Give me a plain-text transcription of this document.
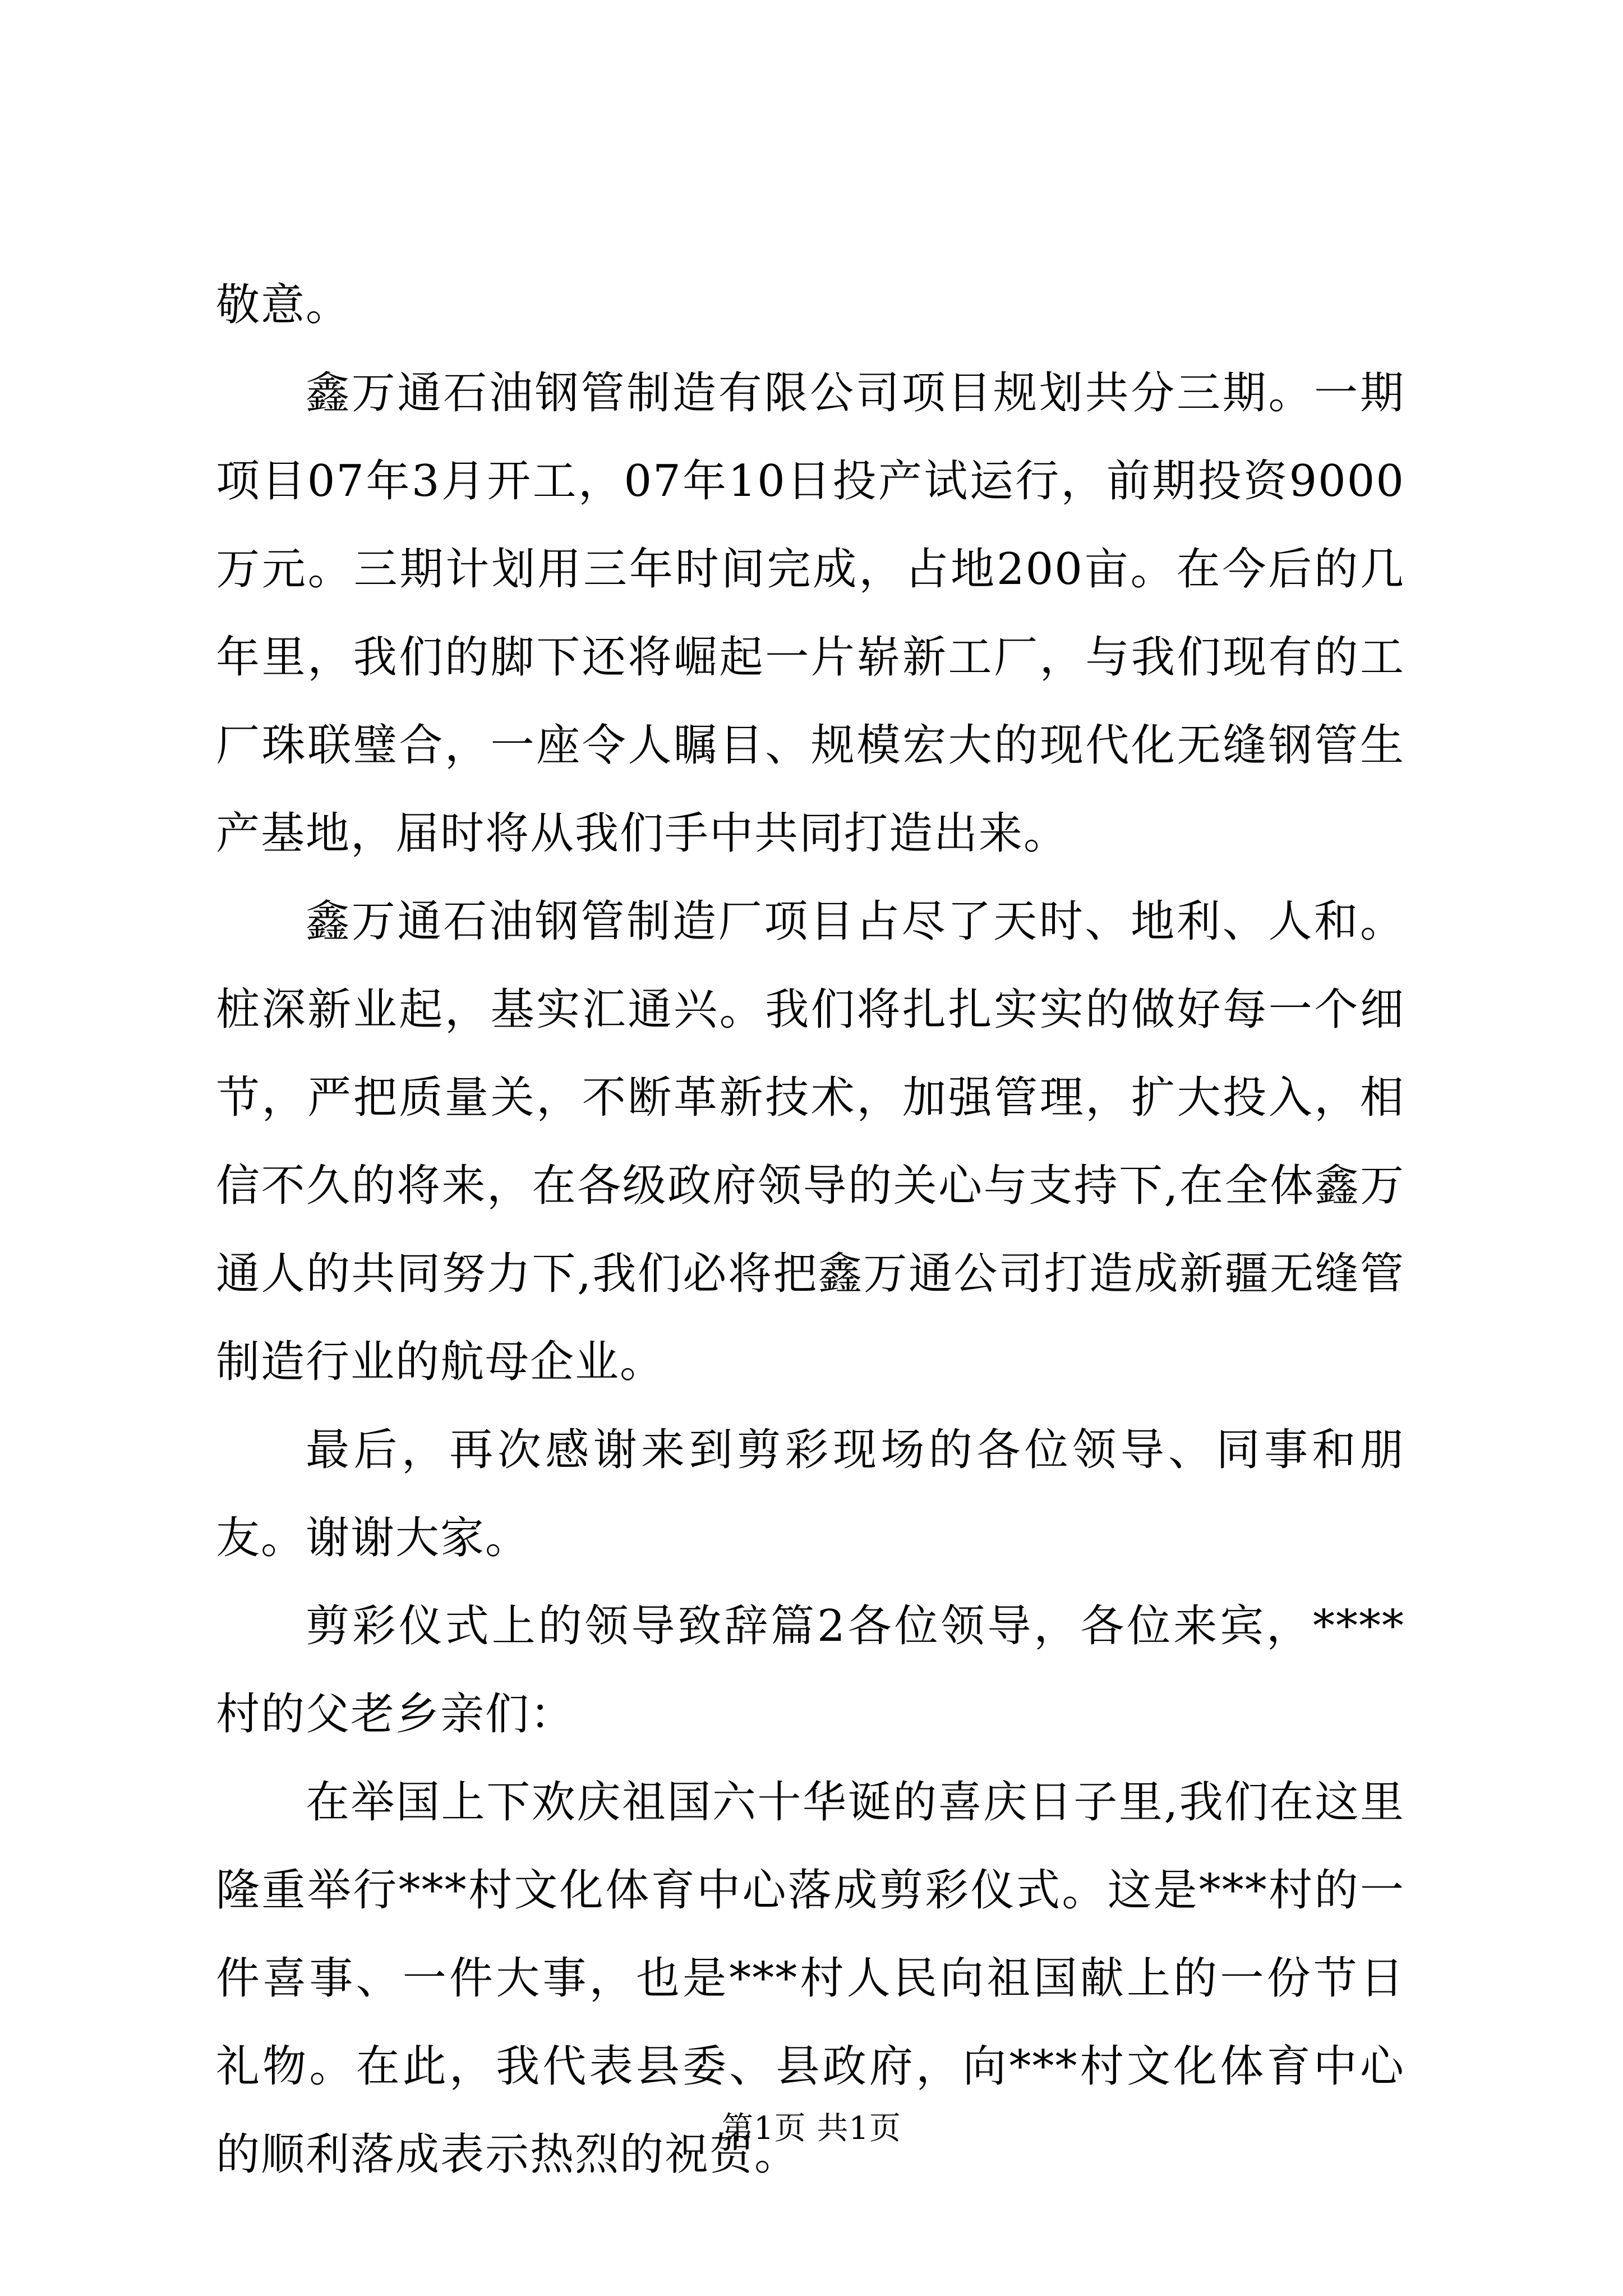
敬意。

鑫万通石油钢管制造有限公司项目规划共分三期。一期项目07年3月开工，07年10日投产试运行，前期投资9000万元。三期计划用三年时间完成，占地200亩。在今后的几年里，我们的脚下还将崛起一片崭新工厂，与我们现有的工厂珠联璧合，一座令人瞩目、规模宏大的现代化无缝钢管生产基地，届时将从我们手中共同打造出来。

鑫万通石油钢管制造厂项目占尽了天时、地利、人和。桩深新业起，基实汇通兴。我们将扎扎实实的做好每一个细节，严把质量关，不断革新技术，加强管理，扩大投入，相信不久的将来，在各级政府领导的关心与支持下,在全体鑫万通人的共同努力下,我们必将把鑫万通公司打造成新疆无缝管制造行业的航母企业。

最后，再次感谢来到剪彩现场的各位领导、同事和朋友。谢谢大家。

剪彩仪式上的领导致辞篇2各位领导，各位来宾，****村的父老乡亲们：

在举国上下欢庆祖国六十华诞的喜庆日子里,我们在这里隆重举行***村文化体育中心落成剪彩仪式。这是***村的一件喜事、一件大事，也是***村人民向祖国献上的一份节日礼物。在此，我代表县委、县政府，向***村文化体育中心的顺利落成表示热烈的祝贺。

第1页 共1页
